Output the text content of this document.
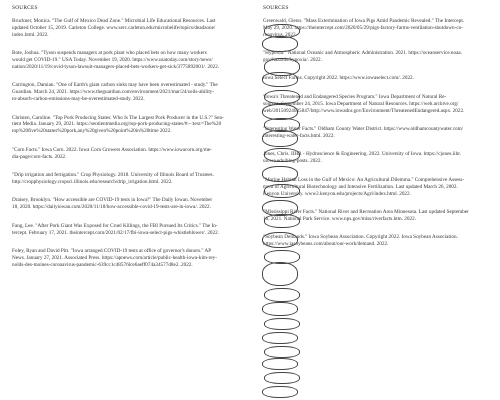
SOURCES
Bruckner, Monica. "The Gulf of Mexico Dead Zone." Microbial Life Educational Resources. Last
updated October 15, 2019. Carleton College. www.serc.carleton.edu/microbelife/topics/deadzone/
index.html. 2022.
Bote, Joshua. "Tyson suspends managers at pork plant who placed bets on how many workers
would get COVID-19." USA Today. November 19, 2020. https://www.usatoday.com/story/news/
nation/2020/11/19/covid-tyson-lawsuit-managers-placed-bets-workers-get-sick/3775892001/. 2022.
Carrington, Damian. "One of Earth's giant carbon sinks may have been overestimated - study." The
Guardian. March 24, 2021. https://www.theguardian.com/environment/2021/mar/24/soils-ability-
to-absorb-carbon-emissions-may-be-overestimated-study. 2022.
Christen, Caroline. "Top Pork Producing States: Who Is The Largest Pork Producer in the U.S.?" Sen-
tient Media. January 29, 2021. https://sentientmedia.org/top-pork-producing-states/#:~:text=The%20
top%20five%20states%20pork,any%20given%20point%20in%20time 2022.
"Corn Facts." Iowa Corn. 2022. Iowa Corn Growers Association. https://www.iowacorn.org/me-
dia-page/corn-facts. 2022.
"Drip irrigation and fertigation." Crop Physiology. 2018. University of Illinois Board of Trustees.
http://cropphysiology.cropsci.illinois.edu/research/drip_irrigation.html. 2022.
Draisey, Brooklyn. "How accessible are COVID-19 tests in Iowa?" The Daily Iowan. November
18, 2020. https://dailyiowan.com/2020/11/18/how-accessible-covid-19-tests-are-in-iowa/. 2022.
Fang, Lee. "After Pork Giant Was Exposed for Cruel Killings, the FBI Pursued Its Critics." The In-
tercept. February 17, 2021. theintercept.com/2021/02/17/fbi-iowa-select-pigs-whistleblower/. 2022.
Foley, Ryan and David Pitt. "Iowa arranged COVID-19 tests at office of governor's donors." AP
News. January 27, 2021. Associated Press. https://apnews.com/article/public-health-iowa-kim-rey-
nolds-des-moines-coronavirus-pandemic-639cc1c48576lce6aeff074a34577d8e2. 2022.
SOURCES
Greenwald, Glenn. "Mass Extermination of Iowa Pigs Amid Pandemic Revealed." The Intercept.
May 29, 2020. https://theintercept.com/2020/05/29/pigs-factory-farms-ventilation-shutdown-co-
ronavirus. 2022.
"Hypoxia." National Oceanic and Atmospheric Administration. 2021. https://oceanservice.noaa.
gov/hazards/hypoxia/. 2022.
Iowa Select Farms. Copyright 2022. https://www.iowaselect.com/. 2022.
"Iowa's Threatened and Endangered Species Program." Iowa Department of Natural Re-
sources. September 24, 2015. Iowa Department of Natural Resources. https://web.archive.org/
web/20150924035847/http://www.iowadnr.gov/Environment/ThreatenedEndangered.aspx. 2022.
"Interesting Water Facts." Oldham County Water District. https://www.oldhamcountywater.com/
interesting-water-facts.html. 2022.
Jones, Chris. IIHR - Hydroscience & Engineering. 2022. University of Iowa. https://cjones.iihr.
uiowa.edu/blog-posts. 2022.
"Marine Habitat Loss in the Gulf of Mexico: An Agricultural Dilemma." Comprehensive Assess-
ment of Agricultural Biotechnology and Intensive Fertilization. Last updated March 26, 2002.
Kenyon University. www2.kenyon.edu/projects/Agri/index.html. 2022.
"Mississippi River Facts." National River and Recreation Area Minnesota. Last updated September
16, 2021. National Park Service. www.nps.gov/miss/riverfacts.htm. 2022.
"Soybean Demands." Iowa Soybean Association. Copyright 2022. Iowa Soybean Association.
https://www.iasoybeans.com/about/our-work/demand. 2022.
